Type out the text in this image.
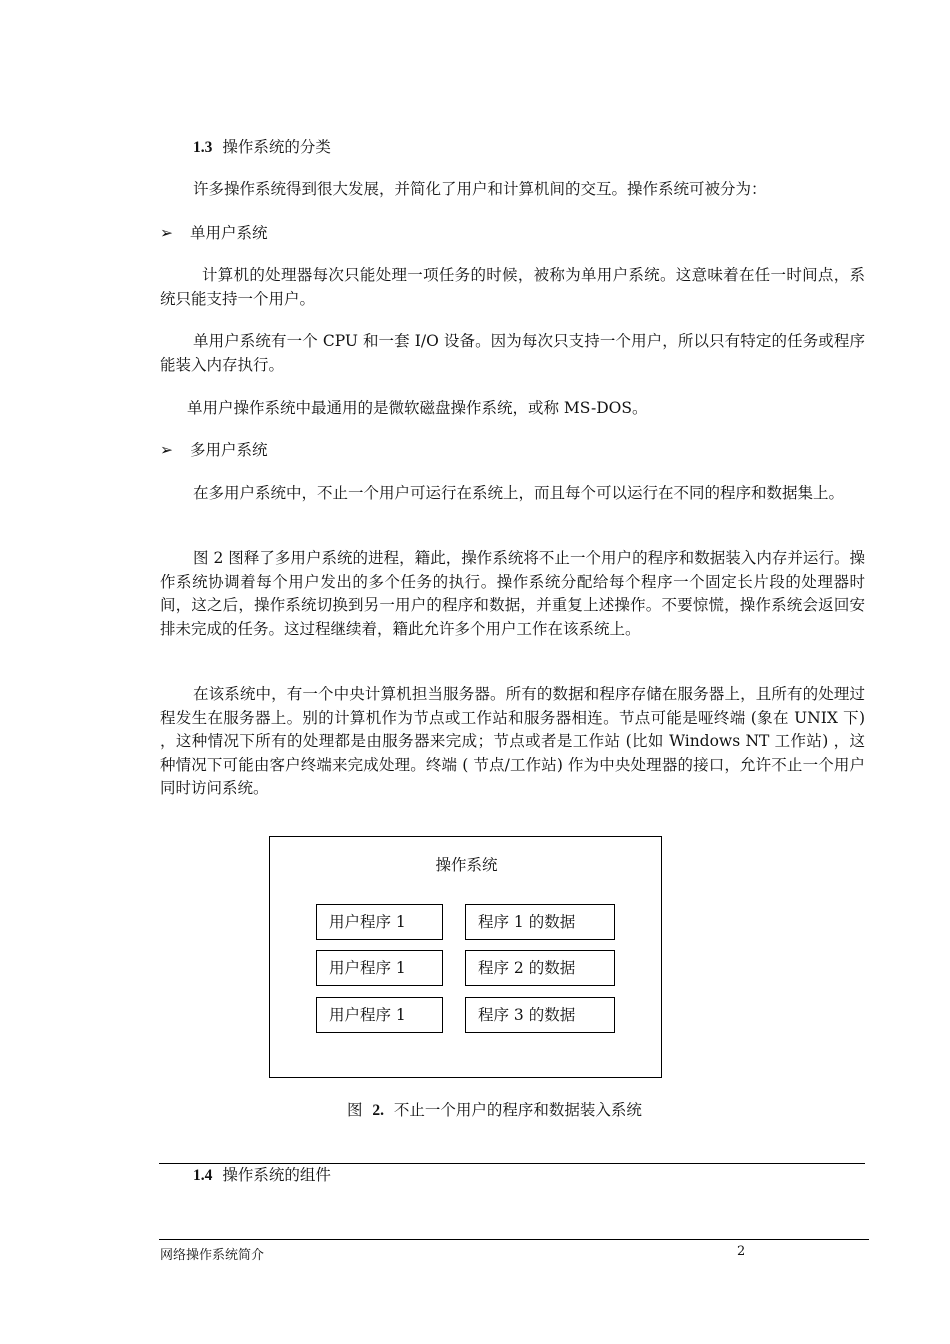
1.3 操作系统的分类
许多操作系统得到很大发展，并简化了用户和计算机间的交互。操作系统可被分为：
➢ 单用户系统
计算机的处理器每次只能处理一项任务的时候，被称为单用户系统。这意味着在任一时间点，系统只能支持一个用户。
单用户系统有一个 CPU 和一套 I/O 设备。因为每次只支持一个用户，所以只有特定的任务或程序能装入内存执行。
单用户操作系统中最通用的是微软磁盘操作系统，或称 MS-DOS。
➢ 多用户系统
在多用户系统中，不止一个用户可运行在系统上，而且每个可以运行在不同的程序和数据集上。
图 2 图释了多用户系统的进程，籍此，操作系统将不止一个用户的程序和数据装入内存并运行。操作系统协调着每个用户发出的多个任务的执行。操作系统分配给每个程序一个固定长片段的处理器时间，这之后，操作系统切换到另一用户的程序和数据，并重复上述操作。不要惊慌，操作系统会返回安排未完成的任务。这过程继续着，籍此允许多个用户工作在该系统上。
在该系统中，有一个中央计算机担当服务器。所有的数据和程序存储在服务器上，且所有的处理过程发生在服务器上。别的计算机作为节点或工作站和服务器相连。节点可能是哑终端 (象在 UNIX 下) ，这种情况下所有的处理都是由服务器来完成；节点或者是工作站 (比如 Windows NT 工作站) ，这种情况下可能由客户终端来完成处理。终端 ( 节点/工作站) 作为中央处理器的接口，允许不止一个用户同时访问系统。
操作系统
用户程序 1	程序 1 的数据
用户程序 1	程序 2 的数据
用户程序 1	程序 3 的数据
图 2. 不止一个用户的程序和数据装入系统
1.4 操作系统的组件
网络操作系统简介	2
